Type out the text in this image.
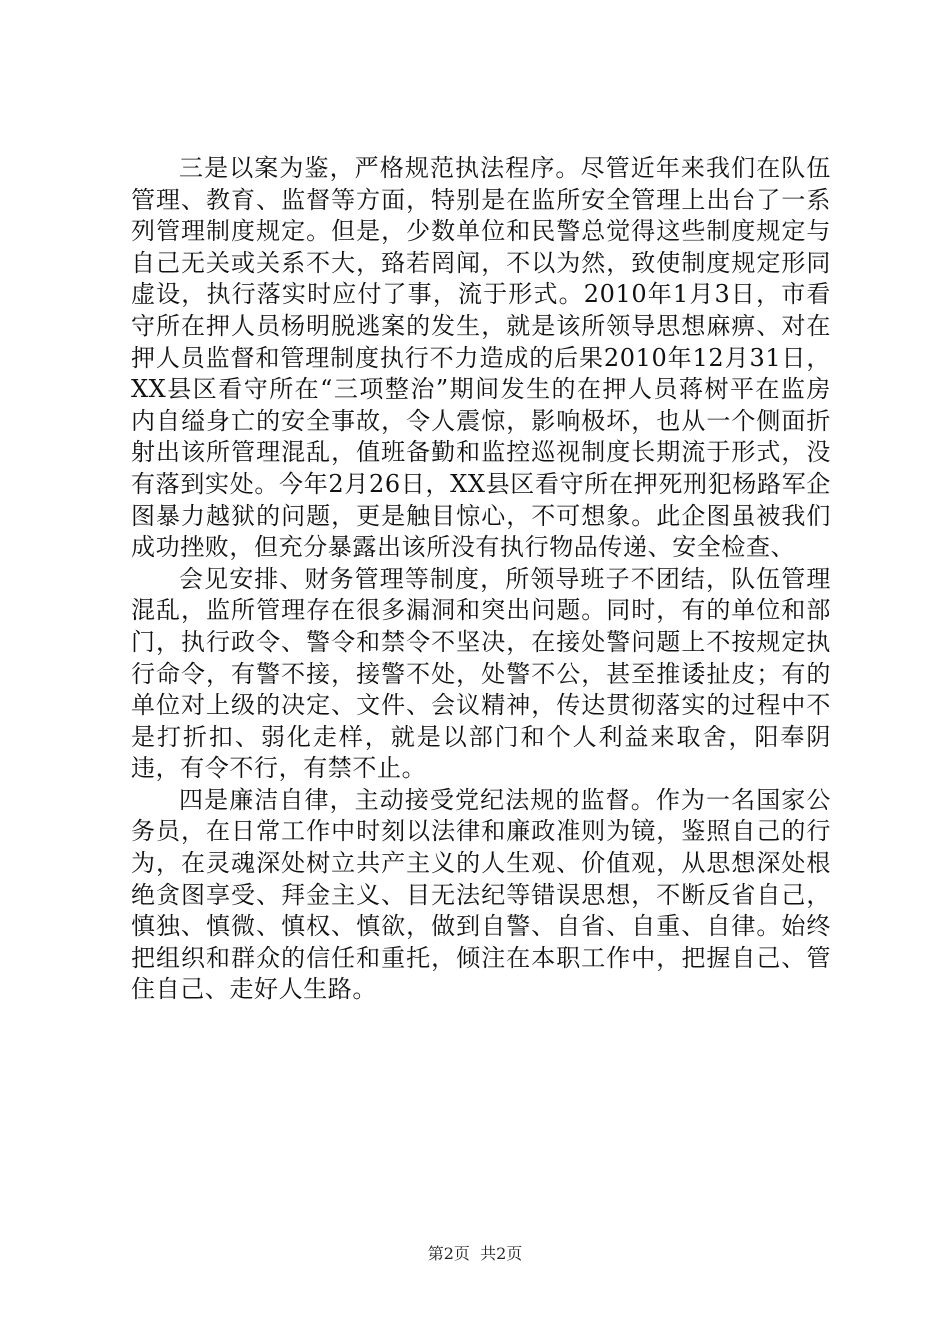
三是以案为鉴，严格规范执法程序。尽管近年来我们在队伍管理、教育、监督等方面，特别是在监所安全管理上出台了一系列管理制度规定。但是，少数单位和民警总觉得这些制度规定与自己无关或关系不大，臵若罔闻，不以为然，致使制度规定形同虚设，执行落实时应付了事，流于形式。2010年1月3日，市看守所在押人员杨明脱逃案的发生，就是该所领导思想麻痹、对在押人员监督和管理制度执行不力造成的后果2010年12月31日，XX县区看守所在“三项整治”期间发生的在押人员蒋树平在监房内自缢身亡的安全事故，令人震惊，影响极坏，也从一个侧面折射出该所管理混乱，值班备勤和监控巡视制度长期流于形式，没有落到实处。今年2月26日，XX县区看守所在押死刑犯杨路军企图暴力越狱的问题，更是触目惊心，不可想象。此企图虽被我们成功挫败，但充分暴露出该所没有执行物品传递、安全检查、

会见安排、财务管理等制度，所领导班子不团结，队伍管理混乱，监所管理存在很多漏洞和突出问题。同时，有的单位和部门，执行政令、警令和禁令不坚决，在接处警问题上不按规定执行命令，有警不接，接警不处，处警不公，甚至推诿扯皮；有的单位对上级的决定、文件、会议精神，传达贯彻落实的过程中不是打折扣、弱化走样，就是以部门和个人利益来取舍，阳奉阴违，有令不行，有禁不止。

四是廉洁自律，主动接受党纪法规的监督。作为一名国家公务员，在日常工作中时刻以法律和廉政准则为镜，鉴照自己的行为，在灵魂深处树立共产主义的人生观、价值观，从思想深处根绝贪图享受、拜金主义、目无法纪等错误思想，不断反省自己，慎独、慎微、慎权、慎欲，做到自警、自省、自重、自律。始终把组织和群众的信任和重托，倾注在本职工作中，把握自己、管住自己、走好人生路。

第2页 共2页
